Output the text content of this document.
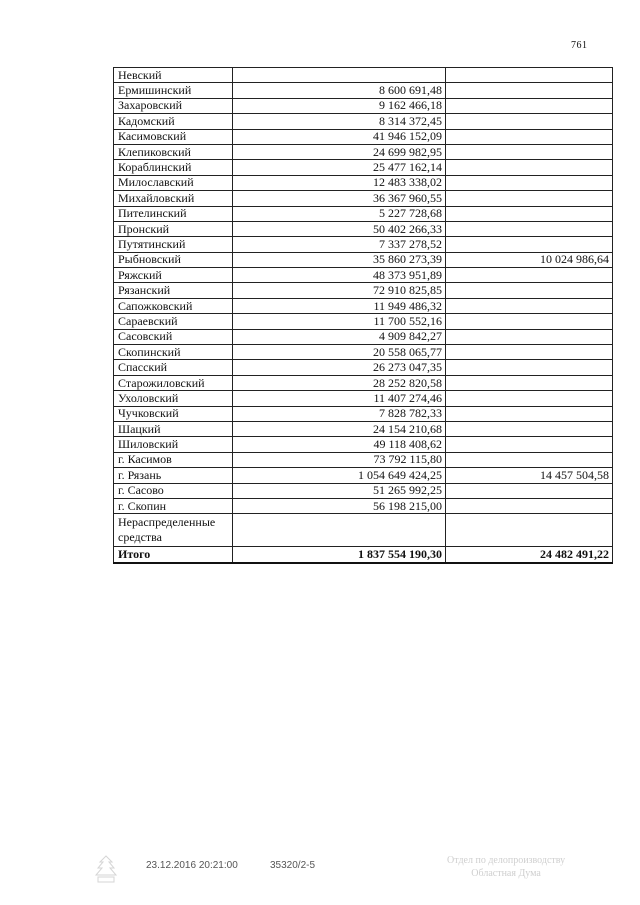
761
Невский		
Ермишинский	8 600 691,48	
Захаровский	9 162 466,18	
Кадомский	8 314 372,45	
Касимовский	41 946 152,09	
Клепиковский	24 699 982,95	
Кораблинский	25 477 162,14	
Милославский	12 483 338,02	
Михайловский	36 367 960,55	
Пителинский	5 227 728,68	
Пронский	50 402 266,33	
Путятинский	7 337 278,52	
Рыбновский	35 860 273,39	10 024 986,64
Ряжский	48 373 951,89	
Рязанский	72 910 825,85	
Сапожковский	11 949 486,32	
Сараевский	11 700 552,16	
Сасовский	4 909 842,27	
Скопинский	20 558 065,77	
Спасский	26 273 047,35	
Старожиловский	28 252 820,58	
Ухоловский	11 407 274,46	
Чучковский	7 828 782,33	
Шацкий	24 154 210,68	
Шиловский	49 118 408,62	
г. Касимов	73 792 115,80	
г. Рязань	1 054 649 424,25	14 457 504,58
г. Сасово	51 265 992,25	
г. Скопин	56 198 215,00	
Нераспределенные средства		
Итого	1 837 554 190,30	24 482 491,22
23.12.2016 20:21:00	35320/2-5	Отдел по делопроизводству
Областная Дума
